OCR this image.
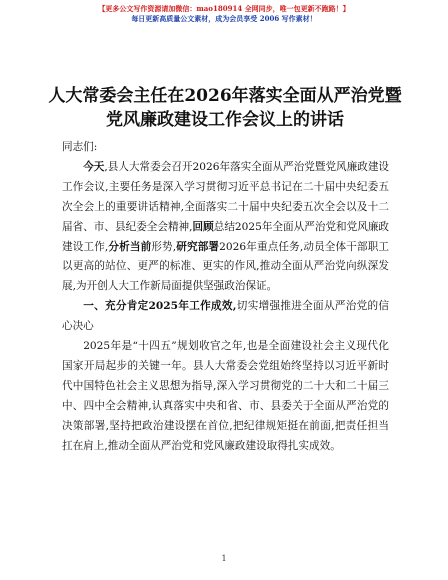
【更多公文写作资源请加微信：mao180914 全网同步，唯一包更新不跑路！】
每日更新高质量公文素材，成为会员享受 2006 写作素材！
人大常委会主任在2026年落实全面从严治党暨党风廉政建设工作会议上的讲话

同志们:

今天,县人大常委会召开2026年落实全面从严治党暨党风廉政建设工作会议,主要任务是深入学习贯彻习近平总书记在二十届中央纪委五次全会上的重要讲话精神,全面落实二十届中央纪委五次全会以及十二届省、市、县纪委全会精神,回顾总结2025年全面从严治党和党风廉政建设工作,分析当前形势,研究部署2026年重点任务,动员全体干部职工以更高的站位、更严的标准、更实的作风,推动全面从严治党向纵深发展,为开创人大工作新局面提供坚强政治保证。

一、充分肯定2025年工作成效,切实增强推进全面从严治党的信心决心

2025年是“十四五”规划收官之年,也是全面建设社会主义现代化国家开局起步的关键一年。县人大常委会党组始终坚持以习近平新时代中国特色社会主义思想为指导,深入学习贯彻党的二十大和二十届三中、四中全会精神,认真落实中央和省、市、县委关于全面从严治党的决策部署,坚持把政治建设摆在首位,把纪律规矩挺在前面,把责任担当扛在肩上,推动全面从严治党和党风廉政建设取得扎实成效。

1
